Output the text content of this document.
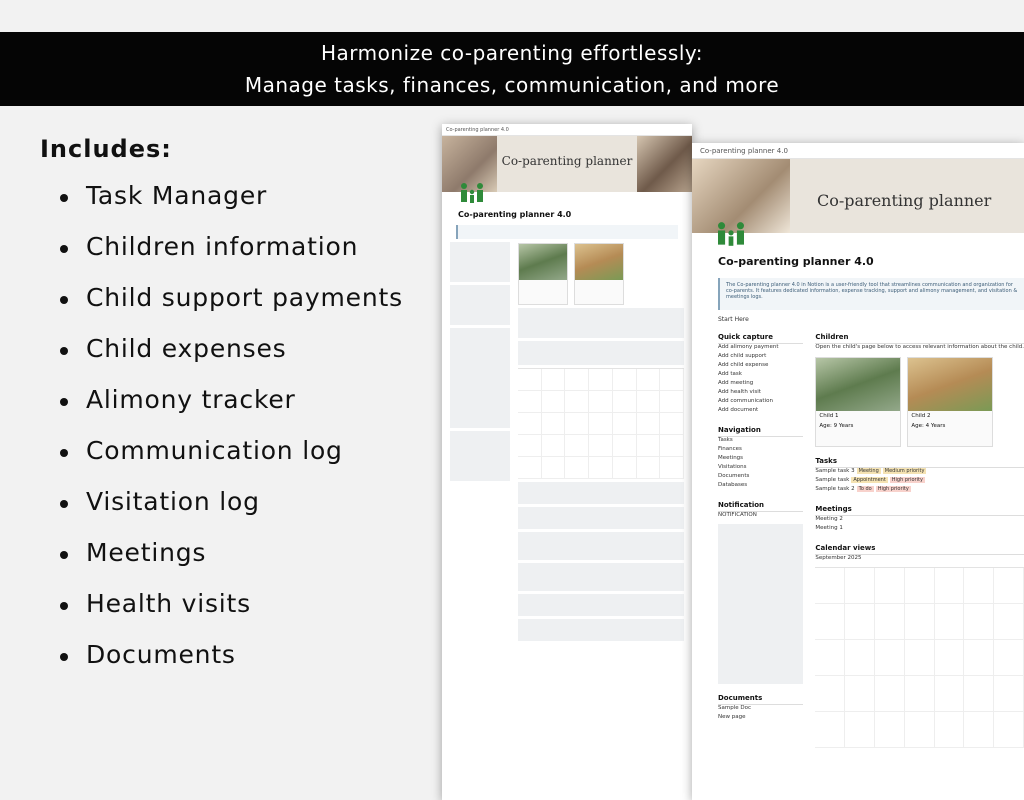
Harmonize co-parenting effortlessly:
Manage tasks, finances, communication, and more
Includes:
Task Manager
Children information
Child support payments
Child expenses
Alimony tracker
Communication log
Visitation log
Meetings
Health visits
Documents
Co-parenting planner 4.0
Co-parenting planner
Co-parenting planner 4.0
Co-parenting planner 4.0
Co-parenting planner
Co-parenting planner 4.0
The Co-parenting planner 4.0 in Notion is a user-friendly tool that streamlines communication and organization for co-parents. It features dedicated information, expense tracking, support and alimony management, and visitation & meetings logs.
Start Here
Quick capture
Add alimony payment
Add child support
Add child expense
Add task
Add meeting
Add health visit
Add communication
Add document
Navigation
Tasks
Finances
Meetings
Visitations
Documents
Databases
Notification
NOTIFICATION
Documents
Sample Doc
New page
Children
Open the child's page below to access relevant information about the child.
Child 1
Age: 9 Years
Child 2
Age: 4 Years
Tasks
Sample task 3 Meeting Medium priority
Sample task Appointment High priority
Sample task 2 To do High priority
Meetings
Meeting 2
Meeting 1
Calendar views
September 2025
